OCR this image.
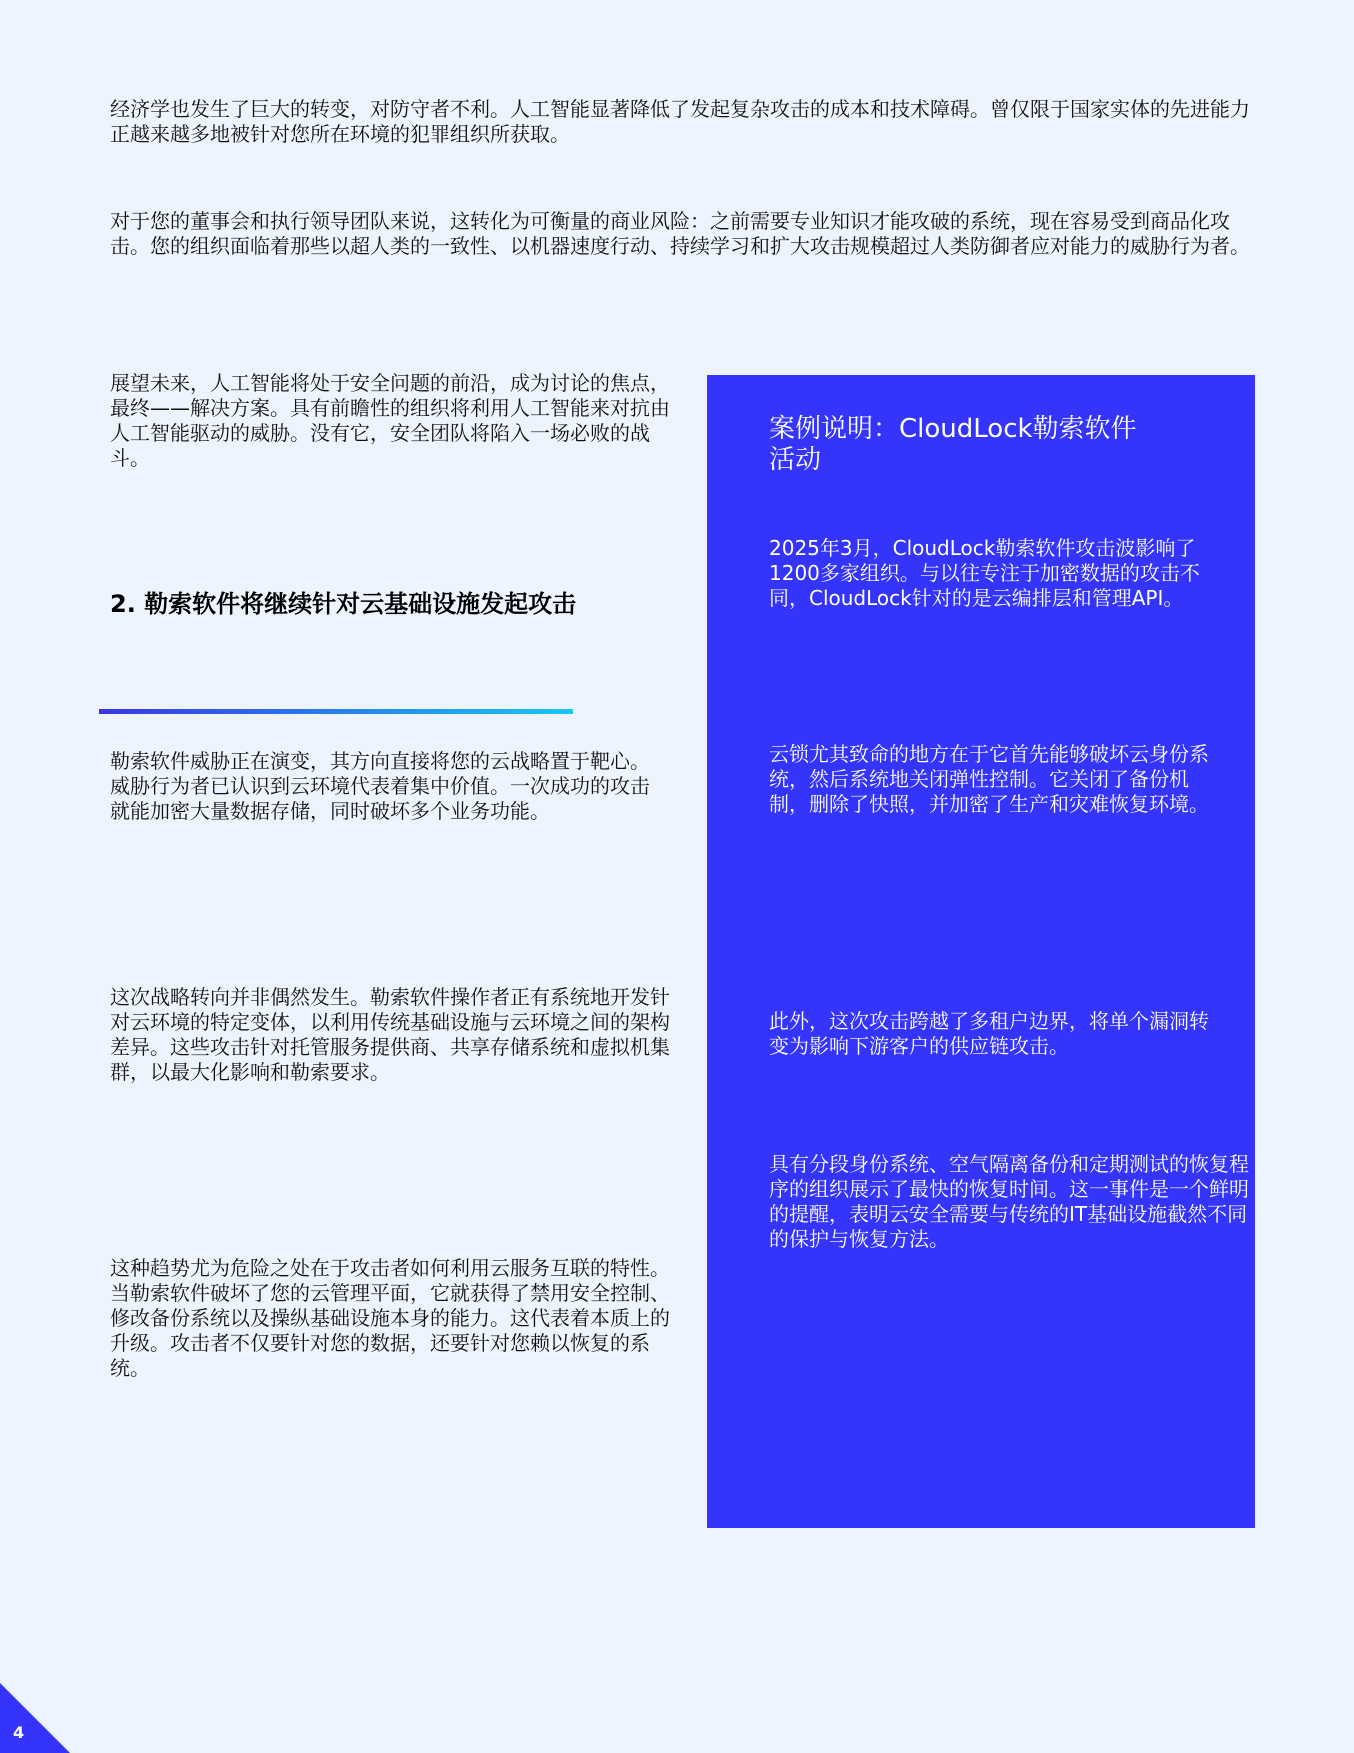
经济学也发生了巨大的转变，对防守者不利。人工智能显著降低了发起复杂攻击的成本和技术障碍。曾仅限于国家实体的先进能力正越来越多地被针对您所在环境的犯罪组织所获取。

对于您的董事会和执行领导团队来说，这转化为可衡量的商业风险：之前需要专业知识才能攻破的系统，现在容易受到商品化攻击。您的组织面临着那些以超人类的一致性、以机器速度行动、持续学习和扩大攻击规模超过人类防御者应对能力的威胁行为者。

展望未来，人工智能将处于安全问题的前沿，成为讨论的焦点，最终——解决方案。具有前瞻性的组织将利用人工智能来对抗由人工智能驱动的威胁。没有它，安全团队将陷入一场必败的战斗。

2. 勒索软件将继续针对云基础设施发起攻击

勒索软件威胁正在演变，其方向直接将您的云战略置于靶心。威胁行为者已认识到云环境代表着集中价值。一次成功的攻击就能加密大量数据存储，同时破坏多个业务功能。

这次战略转向并非偶然发生。勒索软件操作者正有系统地开发针对云环境的特定变体，以利用传统基础设施与云环境之间的架构差异。这些攻击针对托管服务提供商、共享存储系统和虚拟机集群，以最大化影响和勒索要求。

这种趋势尤为危险之处在于攻击者如何利用云服务互联的特性。当勒索软件破坏了您的云管理平面，它就获得了禁用安全控制、修改备份系统以及操纵基础设施本身的能力。这代表着本质上的升级。攻击者不仅要针对您的数据，还要针对您赖以恢复的系统。

案例说明：CloudLock勒索软件活动

2025年3月，CloudLock勒索软件攻击波影响了1200多家组织。与以往专注于加密数据的攻击不同，CloudLock针对的是云编排层和管理API。

云锁尤其致命的地方在于它首先能够破坏云身份系统，然后系统地关闭弹性控制。它关闭了备份机制，删除了快照，并加密了生产和灾难恢复环境。

此外，这次攻击跨越了多租户边界，将单个漏洞转变为影响下游客户的供应链攻击。

具有分段身份系统、空气隔离备份和定期测试的恢复程序的组织展示了最快的恢复时间。这一事件是一个鲜明的提醒，表明云安全需要与传统的IT基础设施截然不同的保护与恢复方法。

4
